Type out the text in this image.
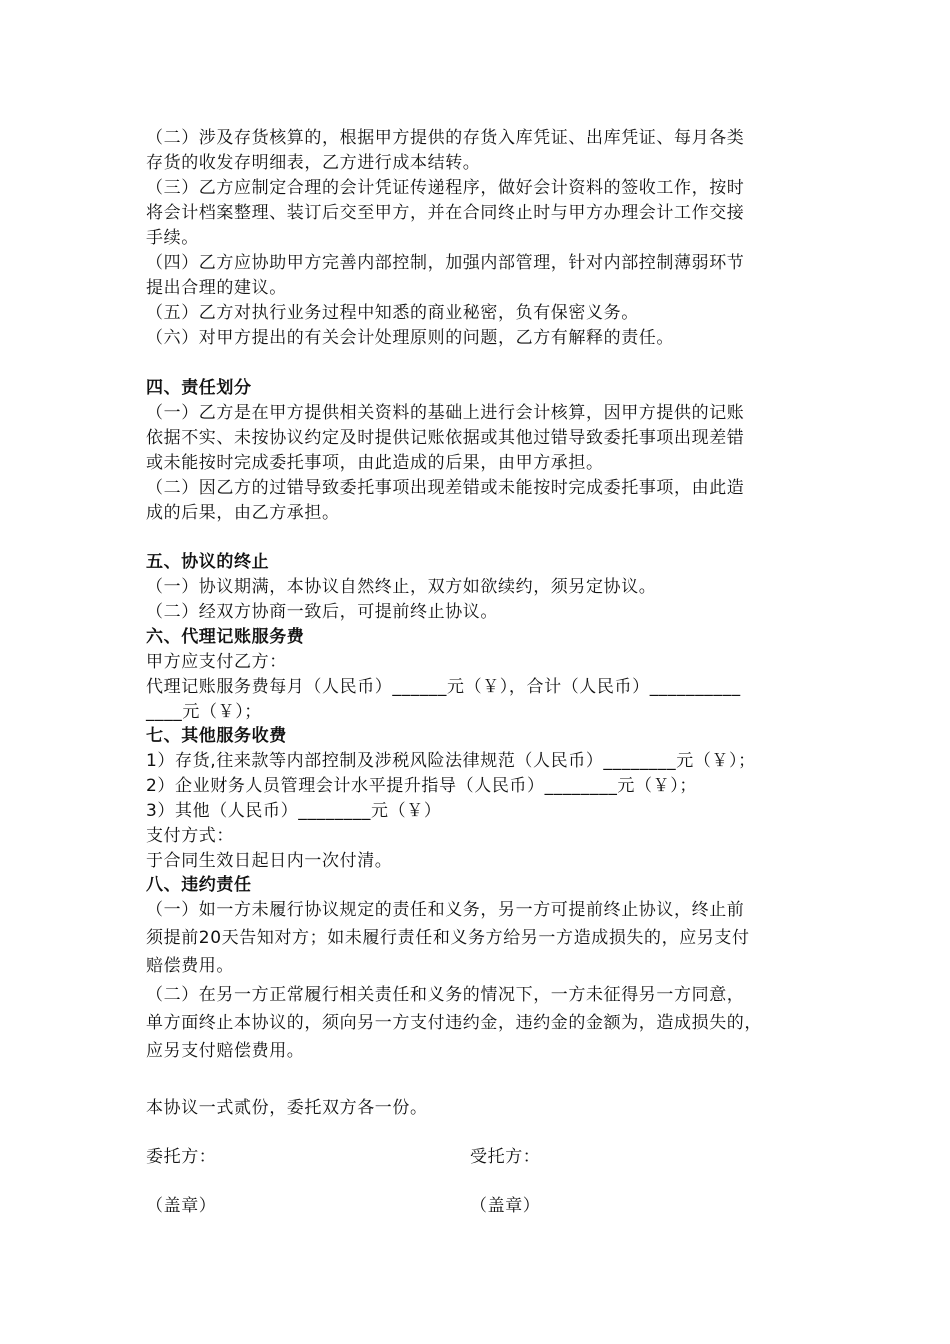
（二）涉及存货核算的，根据甲方提供的存货入库凭证、出库凭证、每月各类
存货的收发存明细表，乙方进行成本结转。
（三）乙方应制定合理的会计凭证传递程序，做好会计资料的签收工作，按时
将会计档案整理、装订后交至甲方，并在合同终止时与甲方办理会计工作交接
手续。
（四）乙方应协助甲方完善内部控制，加强内部管理，针对内部控制薄弱环节
提出合理的建议。
（五）乙方对执行业务过程中知悉的商业秘密，负有保密义务。
（六）对甲方提出的有关会计处理原则的问题，乙方有解释的责任。
四、责任划分
（一）乙方是在甲方提供相关资料的基础上进行会计核算，因甲方提供的记账
依据不实、未按协议约定及时提供记账依据或其他过错导致委托事项出现差错
或未能按时完成委托事项，由此造成的后果，由甲方承担。
（二）因乙方的过错导致委托事项出现差错或未能按时完成委托事项，由此造
成的后果，由乙方承担。
五、协议的终止
（一）协议期满，本协议自然终止，双方如欲续约，须另定协议。
（二）经双方协商一致后，可提前终止协议。
六、代理记账服务费
甲方应支付乙方：
代理记账服务费每月（人民币）______元（￥），合计（人民币）__________
____元（￥）；
七、其他服务收费
1）存货,往来款等内部控制及涉税风险法律规范（人民币）________元（￥）；
2）企业财务人员管理会计水平提升指导（人民币）________元（￥）；
3）其他（人民币）________元（￥）
支付方式：
于合同生效日起日内一次付清。
八、违约责任
（一）如一方未履行协议规定的责任和义务，另一方可提前终止协议，终止前
须提前20天告知对方；如未履行责任和义务方给另一方造成损失的，应另支付
赔偿费用。
（二）在另一方正常履行相关责任和义务的情况下，一方未征得另一方同意，
单方面终止本协议的，须向另一方支付违约金，违约金的金额为，造成损失的，
应另支付赔偿费用。
本协议一式贰份，委托双方各一份。
委托方：	受托方：
（盖章）	（盖章）
